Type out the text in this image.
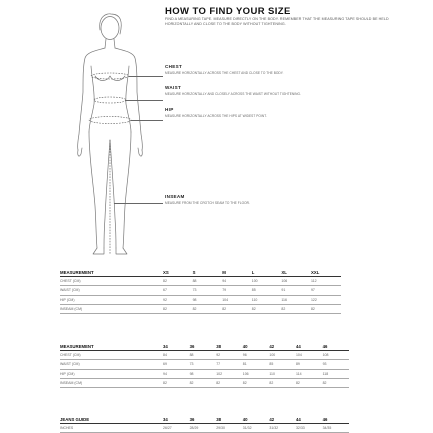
HOW TO FIND YOUR SIZE
FIND A MEASURING TAPE. MEASURE DIRECTLY ON THE BODY. REMEMBER THAT THE MEASURING TAPE SHOULD BE HELD HORIZONTALLY AND CLOSE TO THE BODY WITHOUT TIGHTENING.
CHEST
MEASURE HORIZONTALLY ACROSS THE CHEST AND CLOSE TO THE BODY.
WAIST
MEASURE HORIZONTALLY AND CLOSELY ACROSS THE WAIST WITHOUT TIGHTENING.
HIP
MEASURE HORIZONTALLY ACROSS THE HIPS AT WIDEST POINT.
INSEAM
MEASURE FROM THE CROTCH SEAM TO THE FLOOR.
MEASUREMENT	XS	S	M	L	XL	XXL
CHEST (CM)	82	88	94	100	106	112
WAIST (CM)	67	73	79	85	91	97
HIP (CM)	92	98	104	110	116	122
INSEAM (CM)	82	82	82	82	82	82
MEASUREMENT	34	36	38	40	42	44	46
CHEST (CM)	84	88	92	96	100	104	108
WAIST (CM)	69	73	77	81	85	89	93
HIP (CM)	94	98	102	106	110	114	118
INSEAM (CM)	82	82	82	82	82	82	82
JEANS GUIDE	34	36	38	40	42	44	46
INCHES	26/27	28/29	29/30	31/32	31/32	32/33	34/35
